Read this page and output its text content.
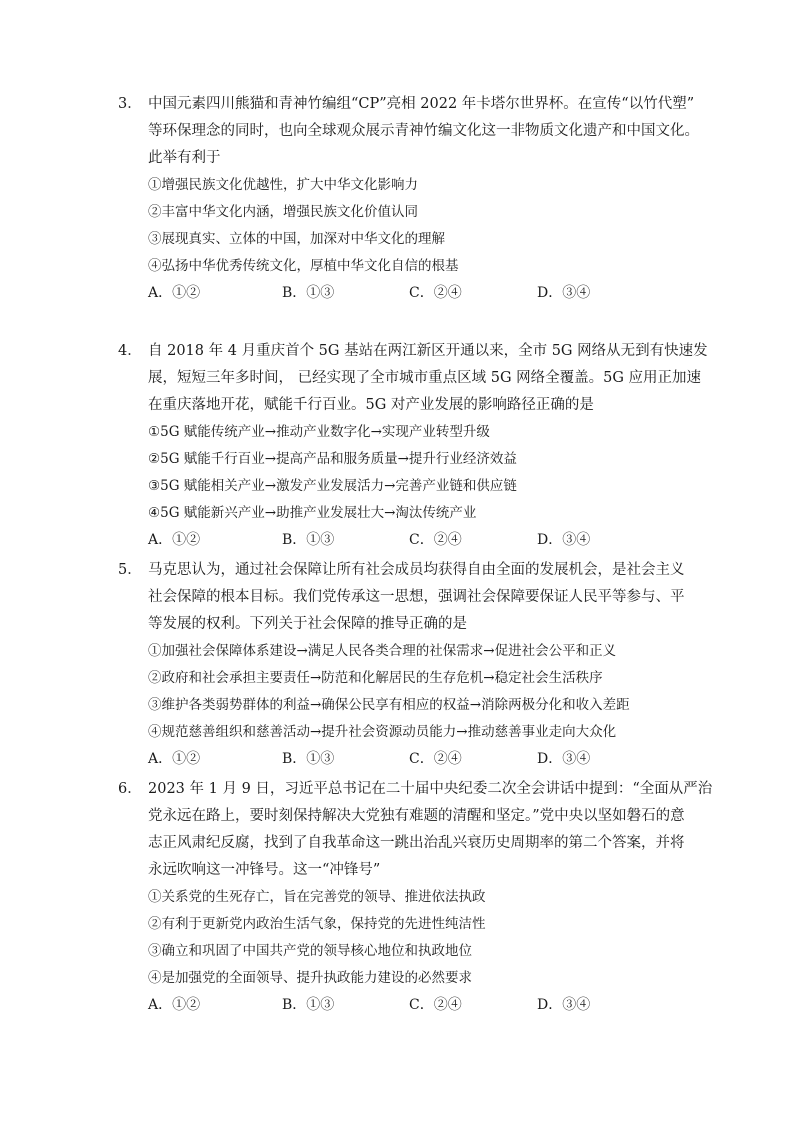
3． 中国元素四川熊猫和青神竹编组“CP”亮相 2022 年卡塔尔世界杯。在宣传“以竹代塑”
等环保理念的同时，也向全球观众展示青神竹编文化这一非物质文化遗产和中国文化。
此举有利于
①增强民族文化优越性，扩大中华文化影响力
②丰富中华文化内涵，增强民族文化价值认同
③展现真实、立体的中国，加深对中华文化的理解
④弘扬中华优秀传统文化，厚植中华文化自信的根基
A．①②	B．①③	C．②④	D．③④
4． 自 2018 年 4 月重庆首个 5G 基站在两江新区开通以来，全市 5G 网络从无到有快速发
展，短短三年多时间， 已经实现了全市城市重点区域 5G 网络全覆盖。5G 应用正加速
在重庆落地开花，赋能千行百业。5G 对产业发展的影响路径正确的是
①5G 赋能传统产业→推动产业数字化→实现产业转型升级
②5G 赋能千行百业→提高产品和服务质量→提升行业经济效益
③5G 赋能相关产业→激发产业发展活力→完善产业链和供应链
④5G 赋能新兴产业→助推产业发展壮大→淘汰传统产业
A．①②	B．①③	C．②④	D．③④
5． 马克思认为，通过社会保障让所有社会成员均获得自由全面的发展机会，是社会主义
社会保障的根本目标。我们党传承这一思想，强调社会保障要保证人民平等参与、平
等发展的权利。下列关于社会保障的推导正确的是
①加强社会保障体系建设→满足人民各类合理的社保需求→促进社会公平和正义
②政府和社会承担主要责任→防范和化解居民的生存危机→稳定社会生活秩序
③维护各类弱势群体的利益→确保公民享有相应的权益→消除两极分化和收入差距
④规范慈善组织和慈善活动→提升社会资源动员能力→推动慈善事业走向大众化
A．①②	B．①③	C．②④	D．③④
6． 2023 年 1 月 9 日，习近平总书记在二十届中央纪委二次全会讲话中提到：“全面从严治
党永远在路上，要时刻保持解决大党独有难题的清醒和坚定。”党中央以坚如磐石的意
志正风肃纪反腐，找到了自我革命这一跳出治乱兴衰历史周期率的第二个答案，并将
永远吹响这一冲锋号。这一“冲锋号”
①关系党的生死存亡，旨在完善党的领导、推进依法执政
②有利于更新党内政治生活气象，保持党的先进性纯洁性
③确立和巩固了中国共产党的领导核心地位和执政地位
④是加强党的全面领导、提升执政能力建设的必然要求
A．①②	B．①③	C．②④	D．③④
